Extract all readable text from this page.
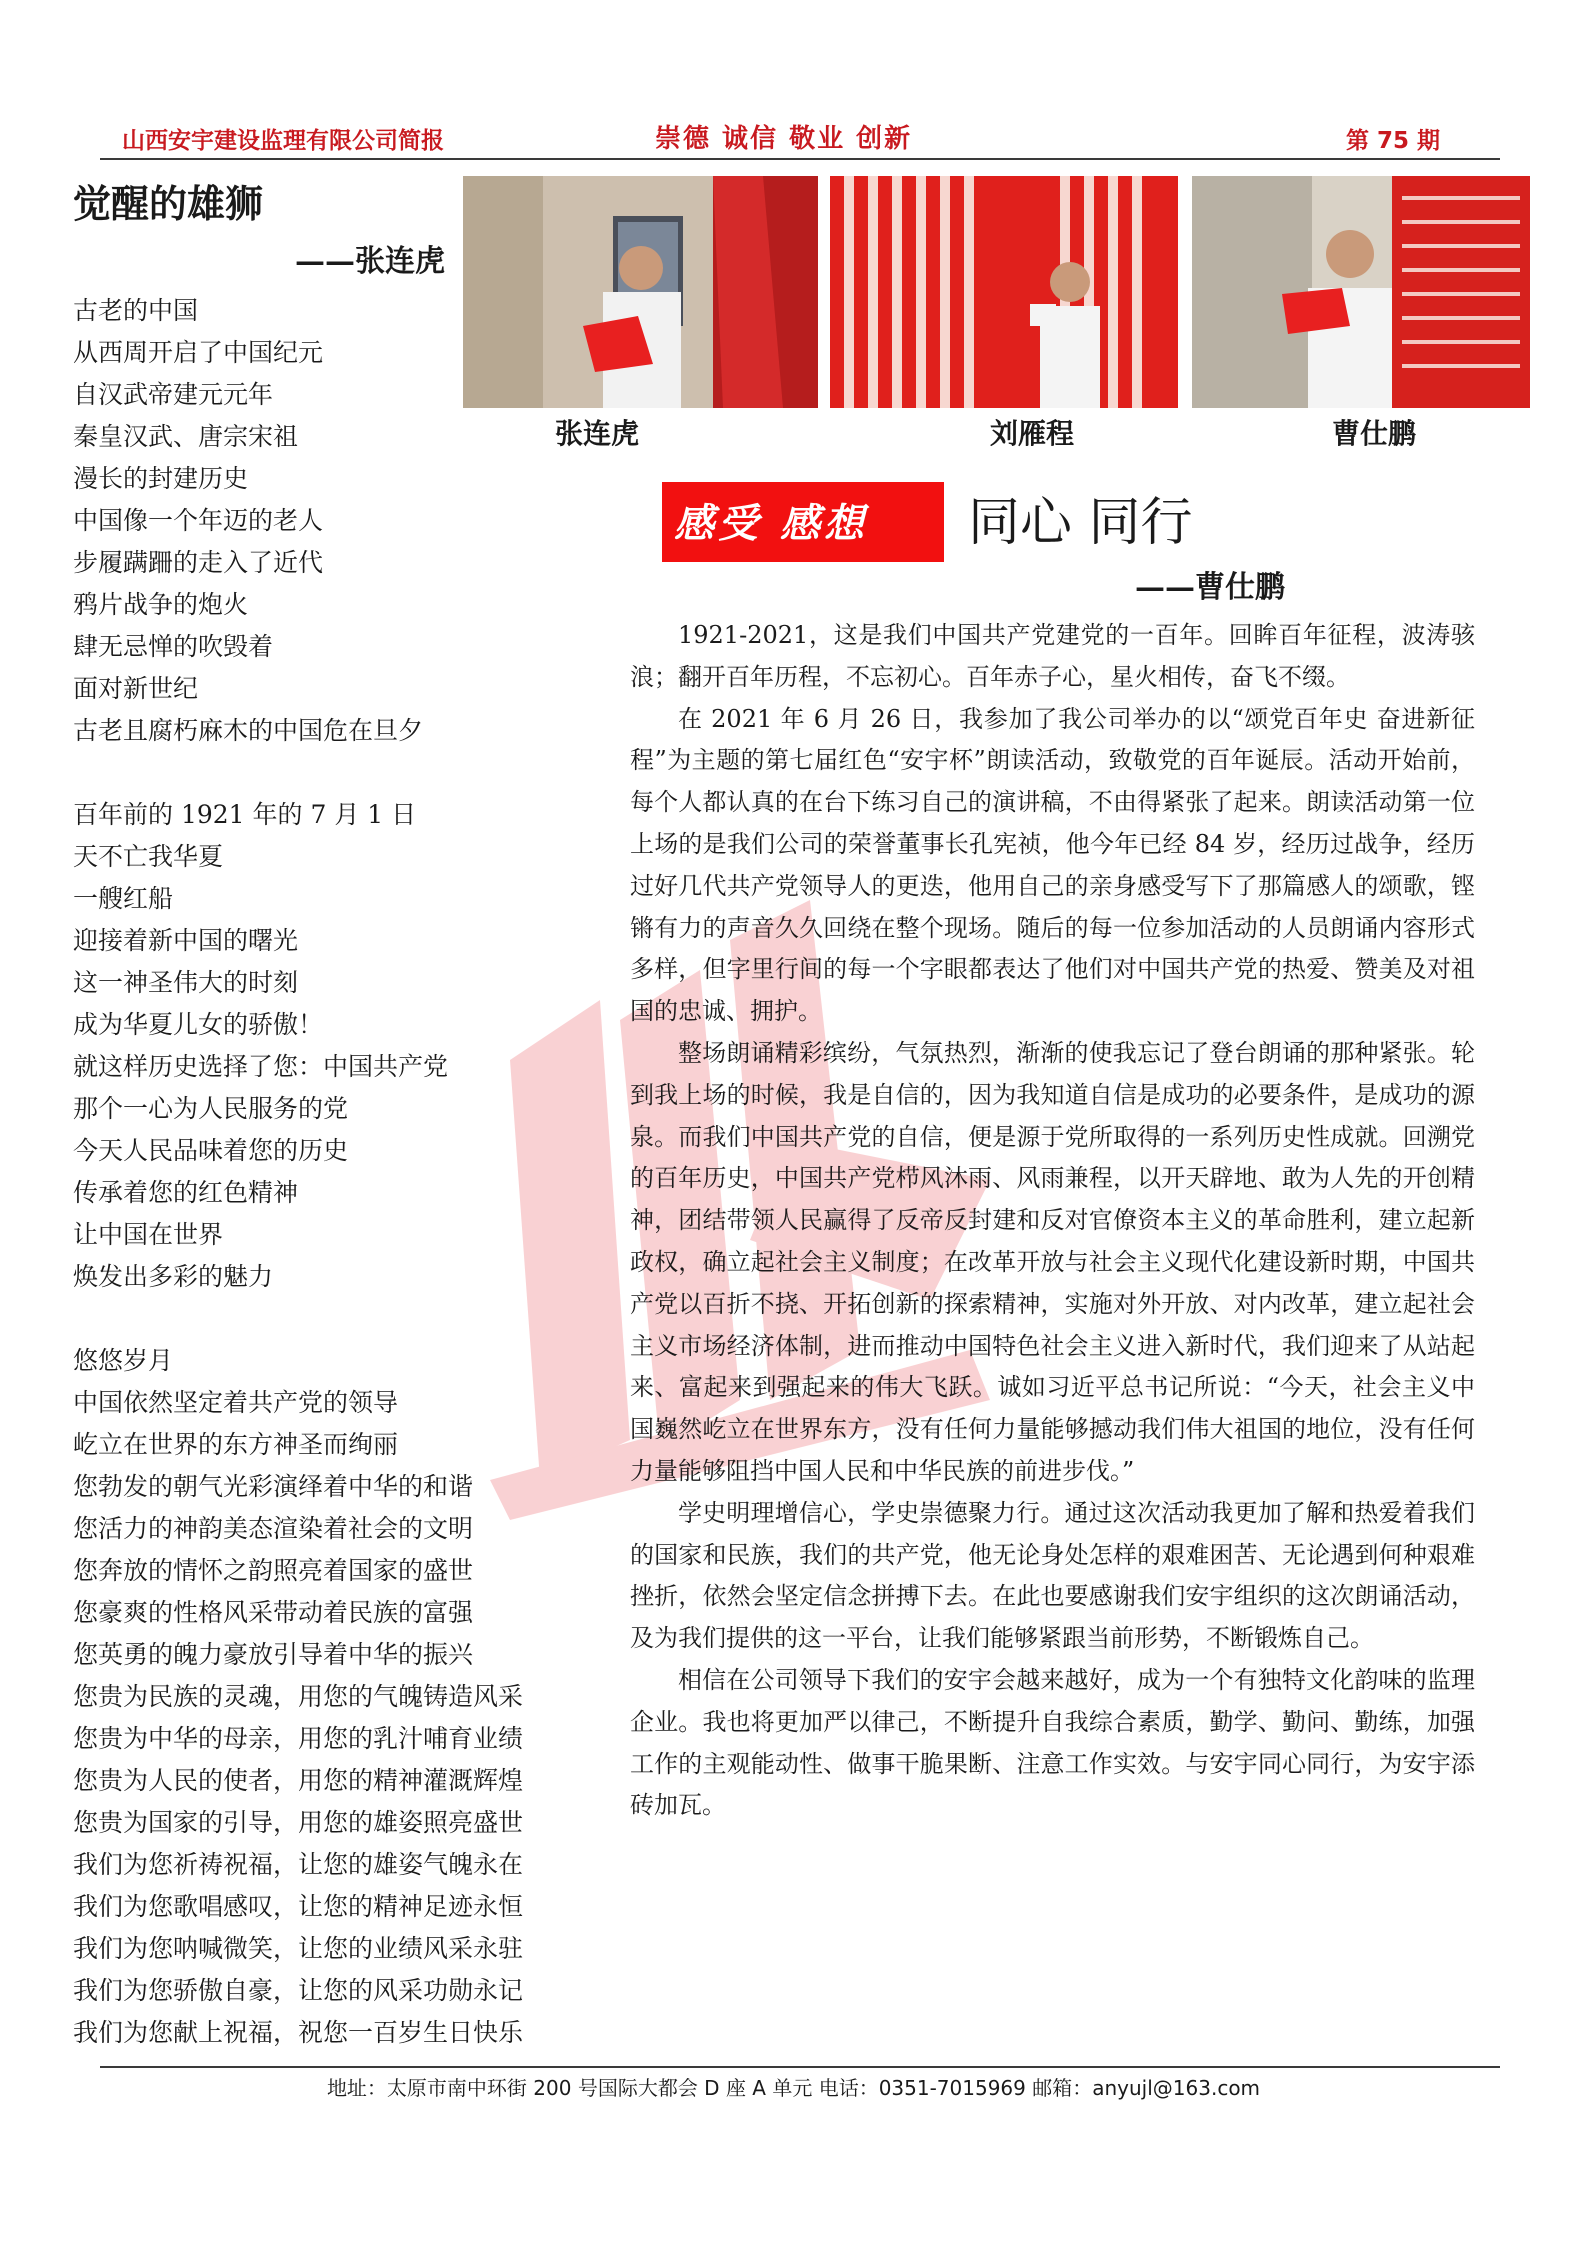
山西安宇建设监理有限公司简报	崇德 诚信 敬业 创新	第 75 期
觉醒的雄狮
——张连虎
古老的中国
从西周开启了中国纪元
自汉武帝建元元年
秦皇汉武、唐宗宋祖
漫长的封建历史
中国像一个年迈的老人
步履蹒跚的走入了近代
鸦片战争的炮火
肆无忌惮的吹毁着
面对新世纪
古老且腐朽麻木的中国危在旦夕
百年前的 1921 年的 7 月 1 日
天不亡我华夏
一艘红船
迎接着新中国的曙光
这一神圣伟大的时刻
成为华夏儿女的骄傲！
就这样历史选择了您：中国共产党
那个一心为人民服务的党
今天人民品味着您的历史
传承着您的红色精神
让中国在世界
焕发出多彩的魅力
悠悠岁月
中国依然坚定着共产党的领导
屹立在世界的东方神圣而绚丽
您勃发的朝气光彩演绎着中华的和谐
您活力的神韵美态渲染着社会的文明
您奔放的情怀之韵照亮着国家的盛世
您豪爽的性格风采带动着民族的富强
您英勇的魄力豪放引导着中华的振兴
您贵为民族的灵魂，用您的气魄铸造风采
您贵为中华的母亲，用您的乳汁哺育业绩
您贵为人民的使者，用您的精神灌溉辉煌
您贵为国家的引导，用您的雄姿照亮盛世
我们为您祈祷祝福，让您的雄姿气魄永在
我们为您歌唱感叹，让您的精神足迹永恒
我们为您呐喊微笑，让您的业绩风采永驻
我们为您骄傲自豪，让您的风采功勋永记
我们为您献上祝福，祝您一百岁生日快乐
张连虎	刘雁程	曹仕鹏
感受 感想 同心 同行
——曹仕鹏

1921-2021，这是我们中国共产党建党的一百年。回眸百年征程，波涛骇浪；翻开百年历程，不忘初心。百年赤子心，星火相传，奋飞不缀。

在 2021 年 6 月 26 日，我参加了我公司举办的以“颂党百年史 奋进新征程”为主题的第七届红色“安宇杯”朗读活动，致敬党的百年诞辰。活动开始前，每个人都认真的在台下练习自己的演讲稿，不由得紧张了起来。朗读活动第一位上场的是我们公司的荣誉董事长孔宪祯，他今年已经 84 岁，经历过战争，经历过好几代共产党领导人的更迭，他用自己的亲身感受写下了那篇感人的颂歌，铿锵有力的声音久久回绕在整个现场。随后的每一位参加活动的人员朗诵内容形式多样，但字里行间的每一个字眼都表达了他们对中国共产党的热爱、赞美及对祖国的忠诚、拥护。

整场朗诵精彩缤纷，气氛热烈，渐渐的使我忘记了登台朗诵的那种紧张。轮到我上场的时候，我是自信的，因为我知道自信是成功的必要条件，是成功的源泉。而我们中国共产党的自信，便是源于党所取得的一系列历史性成就。回溯党的百年历史，中国共产党栉风沐雨、风雨兼程，以开天辟地、敢为人先的开创精神，团结带领人民赢得了反帝反封建和反对官僚资本主义的革命胜利，建立起新政权，确立起社会主义制度；在改革开放与社会主义现代化建设新时期，中国共产党以百折不挠、开拓创新的探索精神，实施对外开放、对内改革，建立起社会主义市场经济体制，进而推动中国特色社会主义进入新时代，我们迎来了从站起来、富起来到强起来的伟大飞跃。诚如习近平总书记所说：“今天，社会主义中国巍然屹立在世界东方，没有任何力量能够撼动我们伟大祖国的地位，没有任何力量能够阻挡中国人民和中华民族的前进步伐。”

学史明理增信心，学史崇德聚力行。通过这次活动我更加了解和热爱着我们的国家和民族，我们的共产党，他无论身处怎样的艰难困苦、无论遇到何种艰难挫折，依然会坚定信念拼搏下去。在此也要感谢我们安宇组织的这次朗诵活动，及为我们提供的这一平台，让我们能够紧跟当前形势，不断锻炼自己。

相信在公司领导下我们的安宇会越来越好，成为一个有独特文化韵味的监理企业。我也将更加严以律己，不断提升自我综合素质，勤学、勤问、勤练，加强工作的主观能动性、做事干脆果断、注意工作实效。与安宇同心同行，为安宇添砖加瓦。

地址：太原市南中环街 200 号国际大都会 D 座 A 单元 电话：0351-7015969 邮箱：anyujl@163.com
